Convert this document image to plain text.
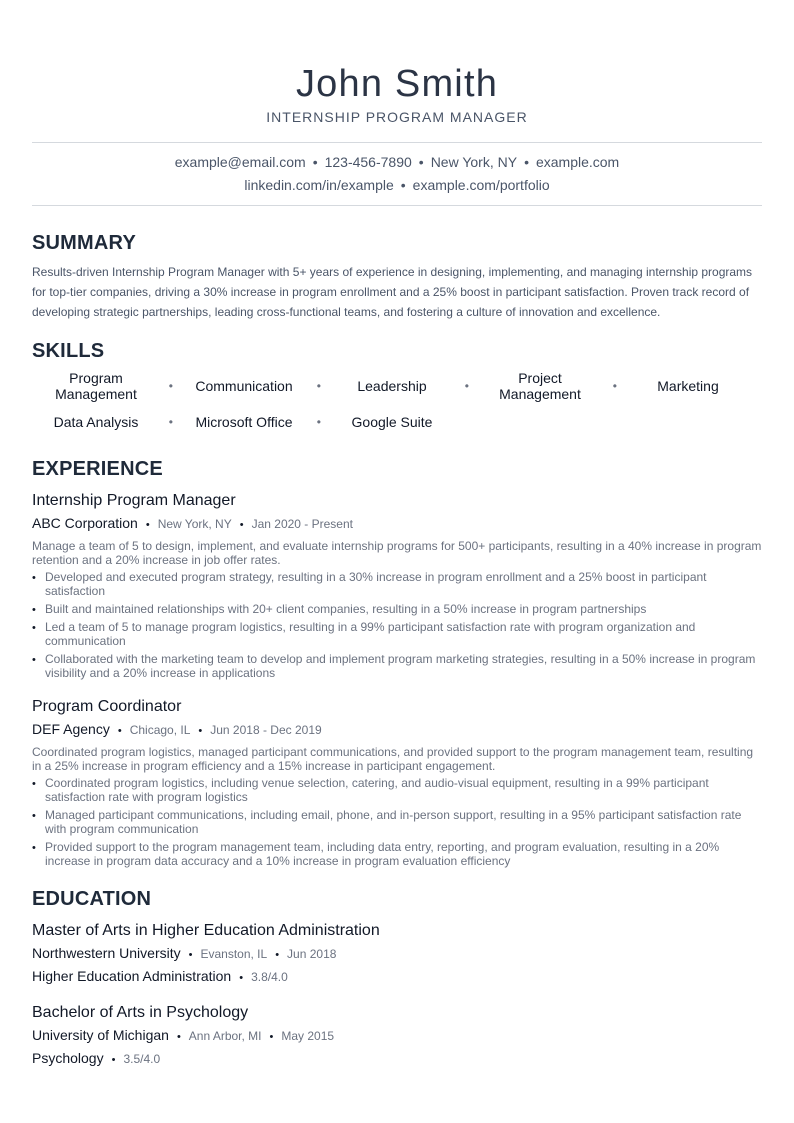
John Smith
INTERNSHIP PROGRAM MANAGER
example@email.com • 123-456-7890 • New York, NY • example.com
linkedin.com/in/example • example.com/portfolio
SUMMARY
Results-driven Internship Program Manager with 5+ years of experience in designing, implementing, and managing internship programs for top-tier companies, driving a 30% increase in program enrollment and a 25% boost in participant satisfaction. Proven track record of developing strategic partnerships, leading cross-functional teams, and fostering a culture of innovation and excellence.
SKILLS
Program Management	• Communication •	Leadership	•	Project Management	•	Marketing
Data Analysis	• Microsoft Office • Google Suite
EXPERIENCE
Internship Program Manager
ABC Corporation • New York, NY • Jan 2020 - Present
Manage a team of 5 to design, implement, and evaluate internship programs for 500+ participants, resulting in a 40% increase in program retention and a 20% increase in job offer rates.
• Developed and executed program strategy, resulting in a 30% increase in program enrollment and a 25% boost in participant satisfaction
• Built and maintained relationships with 20+ client companies, resulting in a 50% increase in program partnerships
• Led a team of 5 to manage program logistics, resulting in a 99% participant satisfaction rate with program organization and communication
• Collaborated with the marketing team to develop and implement program marketing strategies, resulting in a 50% increase in program visibility and a 20% increase in applications
Program Coordinator
DEF Agency • Chicago, IL • Jun 2018 - Dec 2019
Coordinated program logistics, managed participant communications, and provided support to the program management team, resulting in a 25% increase in program efficiency and a 15% increase in participant engagement.
• Coordinated program logistics, including venue selection, catering, and audio-visual equipment, resulting in a 99% participant satisfaction rate with program logistics
• Managed participant communications, including email, phone, and in-person support, resulting in a 95% participant satisfaction rate with program communication
• Provided support to the program management team, including data entry, reporting, and program evaluation, resulting in a 20% increase in program data accuracy and a 10% increase in program evaluation efficiency
EDUCATION
Master of Arts in Higher Education Administration
Northwestern University • Evanston, IL • Jun 2018
Higher Education Administration • 3.8/4.0
Bachelor of Arts in Psychology
University of Michigan • Ann Arbor, MI • May 2015
Psychology • 3.5/4.0
